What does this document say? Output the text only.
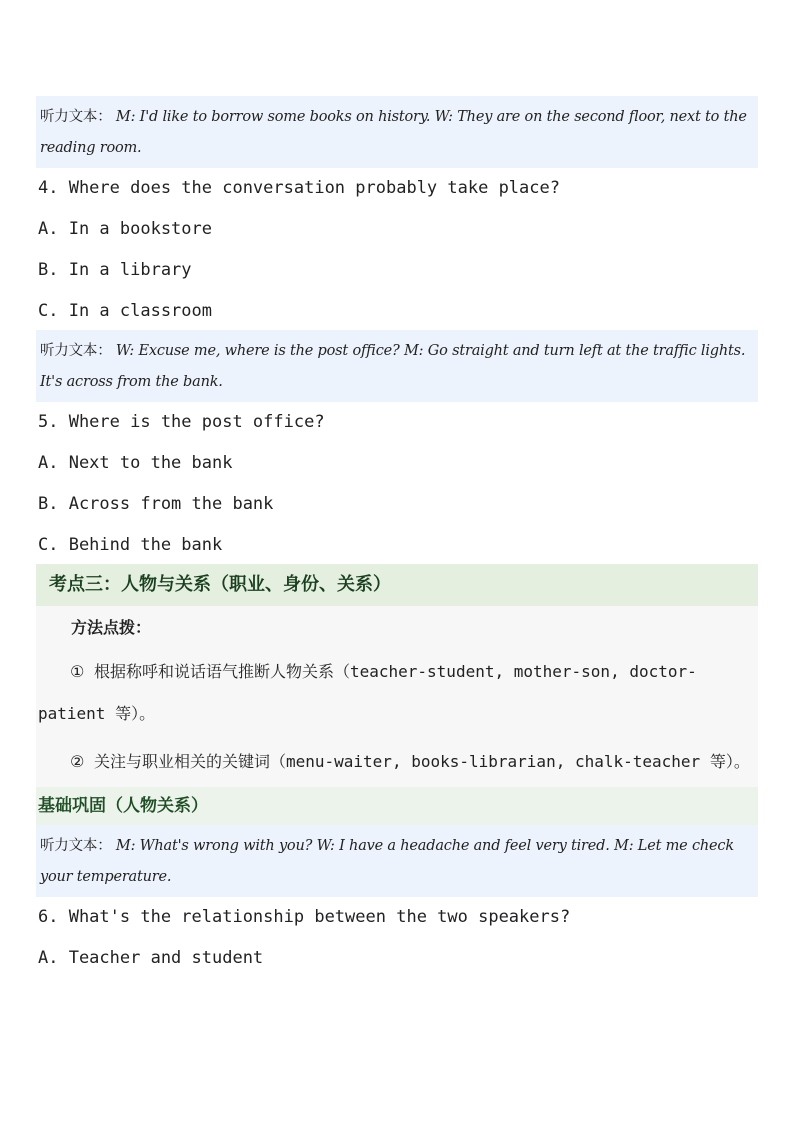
听力文本： M: I'd like to borrow some books on history. W: They are on the second floor, next to the reading room.
4. Where does the conversation probably take place?
A. In a bookstore
B. In a library
C. In a classroom
听力文本： W: Excuse me, where is the post office? M: Go straight and turn left at the traffic lights. It's across from the bank.
5. Where is the post office?
A. Next to the bank
B. Across from the bank
C. Behind the bank
考点三：人物与关系（职业、身份、关系）
方法点拨：
① 根据称呼和说话语气推断人物关系（teacher-student, mother-son, doctor-patient 等）。
② 关注与职业相关的关键词（menu-waiter, books-librarian, chalk-teacher 等）。
基础巩固（人物关系）
听力文本： M: What's wrong with you? W: I have a headache and feel very tired. M: Let me check your temperature.
6. What's the relationship between the two speakers?
A. Teacher and student
